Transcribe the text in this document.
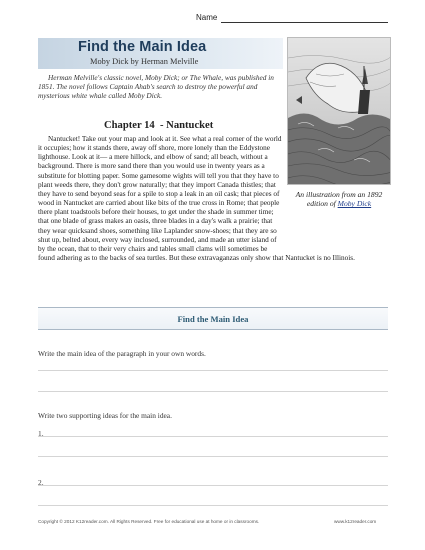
Name
Find the Main Idea
Moby Dick by Herman Melville

Herman Melville's classic novel, Moby Dick; or The Whale, was published in 1851. The novel follows Captain Ahab's search to destroy the powerful and mysterious white whale called Moby Dick.

Chapter 14  - Nantucket
Nantucket! Take out your map and look at it. See what a real corner of the world it occupies; how it stands there, away off shore, more lonely than the Eddystone lighthouse. Look at it— a mere hillock, and elbow of sand; all beach, without a background. There is more sand there than you would use in twenty years as a substitute for blotting paper. Some gamesome wights will tell you that they have to plant weeds there, they don't grow naturally; that they import Canada thistles; that they have to send beyond seas for a spile to stop a leak in an oil cask; that pieces of wood in Nantucket are carried about like bits of the true cross in Rome; that people there plant toadstools before their houses, to get under the shade in summer time; that one blade of grass makes an oasis, three blades in a day's walk a prairie; that they wear quicksand shoes, something like Laplander snow-shoes; that they are so shut up, belted about, every way inclosed, surrounded, and made an utter island of by the ocean, that to their very chairs and tables small clams will sometimes be found adhering as to the backs of sea turtles. But these extravaganzas only show that Nantucket is no Illinois.

An illustration from an 1892 edition of Moby Dick

Find the Main Idea

Write the main idea of the paragraph in your own words.

Write two supporting ideas for the main idea.

1.
2.
Copyright © 2012 K12reader.com. All Rights Reserved. Free for educational use at home or in classrooms.	www.k12reader.com
